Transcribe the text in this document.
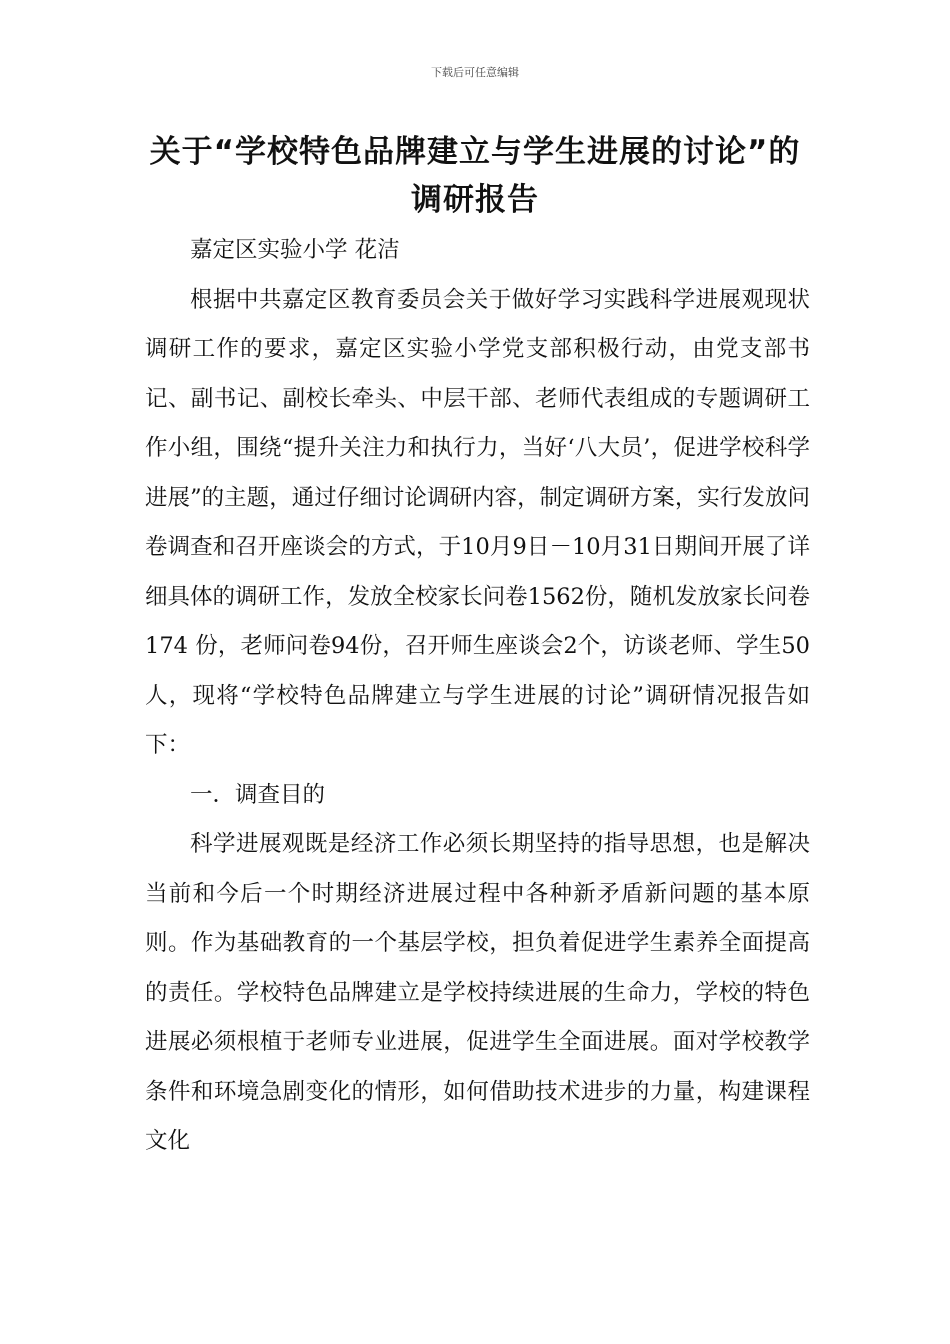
下载后可任意编辑
关于“学校特色品牌建立与学生进展的讨论”的调研报告
嘉定区实验小学 花洁

根据中共嘉定区教育委员会关于做好学习实践科学进展观现状调研工作的要求，嘉定区实验小学党支部积极行动，由党支部书记、副书记、副校长牵头、中层干部、老师代表组成的专题调研工作小组，围绕“提升关注力和执行力，当好‘八大员’，促进学校科学进展”的主题，通过仔细讨论调研内容，制定调研方案，实行发放问卷调查和召开座谈会的方式，于10月9日－10月31日期间开展了详细具体的调研工作，发放全校家长问卷1562份，随机发放家长问卷174 份，老师问卷94份，召开师生座谈会2个，访谈老师、学生50人，现将“学校特色品牌建立与学生进展的讨论”调研情况报告如下：

一．调查目的

科学进展观既是经济工作必须长期坚持的指导思想，也是解决当前和今后一个时期经济进展过程中各种新矛盾新问题的基本原则。作为基础教育的一个基层学校，担负着促进学生素养全面提高的责任。学校特色品牌建立是学校持续进展的生命力，学校的特色进展必须根植于老师专业进展，促进学生全面进展。面对学校教学条件和环境急剧变化的情形，如何借助技术进步的力量，构建课程文化
